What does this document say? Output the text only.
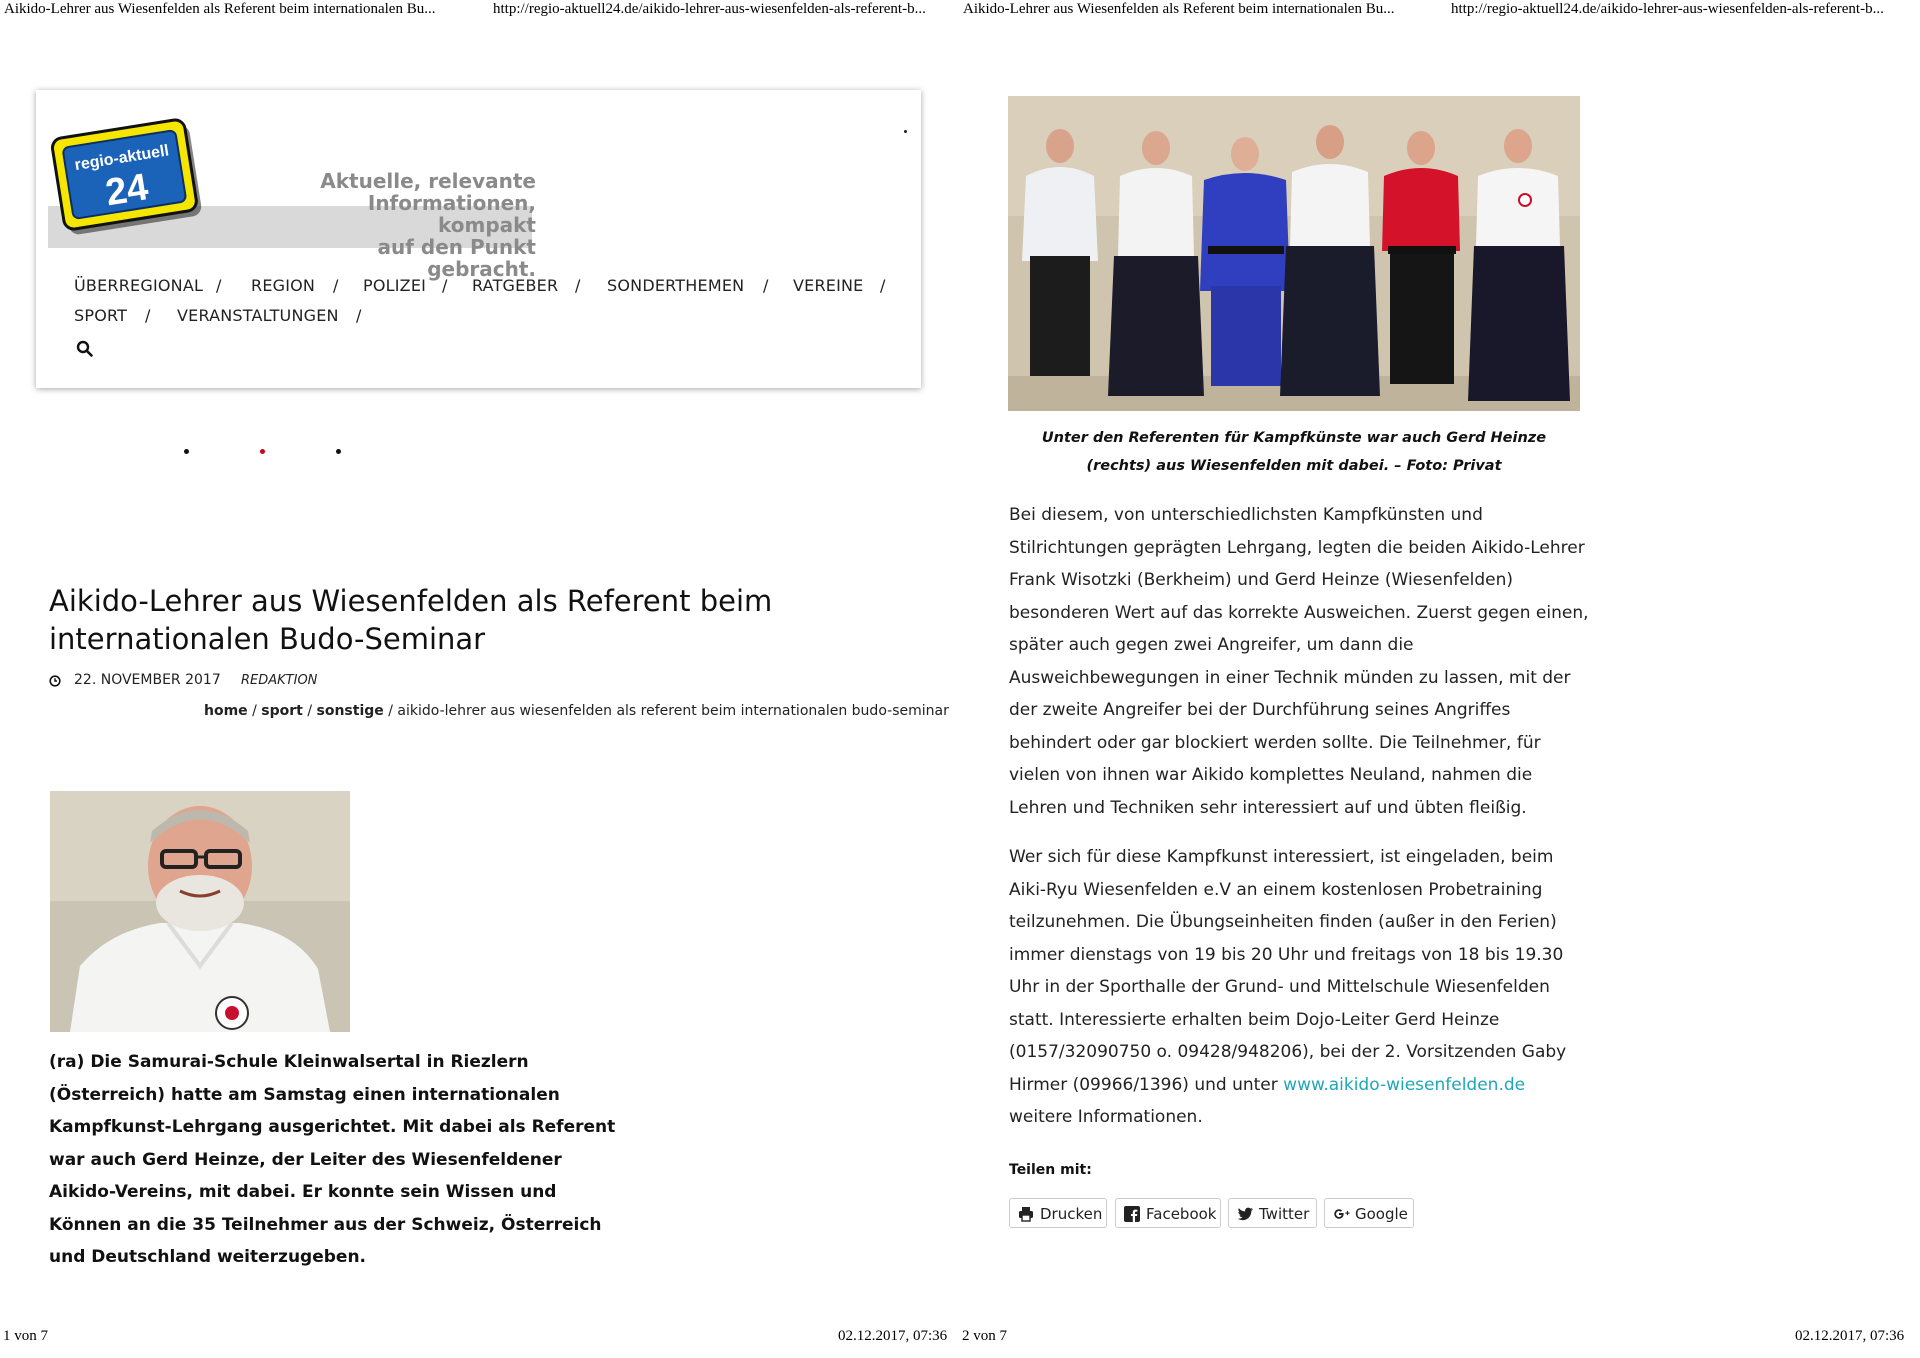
Aikido-Lehrer aus Wiesenfelden als Referent beim internationalen Bu...	http://regio-aktuell24.de/aikido-lehrer-aus-wiesenfelden-als-referent-b... Aikido-Lehrer aus Wiesenfelden als Referent beim internationalen Bu...	http://regio-aktuell24.de/aikido-lehrer-aus-wiesenfelden-als-referent-b...
regio-aktuell
24	Aktuelle, relevante
Informationen, kompakt
auf den Punkt gebracht.
ÜBERREGIONAL / REGION / POLIZEI / RATGEBER / SONDERTHEMEN / VEREINE /
SPORT / VERANSTALTUNGEN /
Aikido-Lehrer aus Wiesenfelden als Referent beim internationalen Budo-Seminar
22. NOVEMBER 2017 REDAKTION
home / sport / sonstige / aikido-lehrer aus wiesenfelden als referent beim internationalen budo-seminar
(ra) Die Samurai-Schule Kleinwalsertal in Riezlern (Österreich) hatte am Samstag einen internationalen Kampfkunst-Lehrgang ausgerichtet. Mit dabei als Referent war auch Gerd Heinze, der Leiter des Wiesenfeldener Aikido-Vereins, mit dabei. Er konnte sein Wissen und Können an die 35 Teilnehmer aus der Schweiz, Österreich und Deutschland weiterzugeben.
Unter den Referenten für Kampfkünste war auch Gerd Heinze (rechts) aus Wiesenfelden mit dabei. – Foto: Privat
Bei diesem, von unterschiedlichsten Kampfkünsten und Stilrichtungen geprägten Lehrgang, legten die beiden Aikido-Lehrer Frank Wisotzki (Berkheim) und Gerd Heinze (Wiesenfelden) besonderen Wert auf das korrekte Ausweichen. Zuerst gegen einen, später auch gegen zwei Angreifer, um dann die Ausweichbewegungen in einer Technik münden zu lassen, mit der der zweite Angreifer bei der Durchführung seines Angriffes behindert oder gar blockiert werden sollte. Die Teilnehmer, für vielen von ihnen war Aikido komplettes Neuland, nahmen die Lehren und Techniken sehr interessiert auf und übten fleißig.
Wer sich für diese Kampfkunst interessiert, ist eingeladen, beim Aiki-Ryu Wiesenfelden e.V an einem kostenlosen Probetraining teilzunehmen. Die Übungseinheiten finden (außer in den Ferien) immer dienstags von 19 bis 20 Uhr und freitags von 18 bis 19.30 Uhr in der Sporthalle der Grund- und Mittelschule Wiesenfelden statt. Interessierte erhalten beim Dojo-Leiter Gerd Heinze (0157/32090750 o. 09428/948206), bei der 2. Vorsitzenden Gaby Hirmer (09966/1396) und unter www.aikido-wiesenfelden.de weitere Informationen.
Teilen mit:
Drucken	Facebook	Twitter	Google
1 von 7	02.12.2017, 07:36 2 von 7	02.12.2017, 07:36
